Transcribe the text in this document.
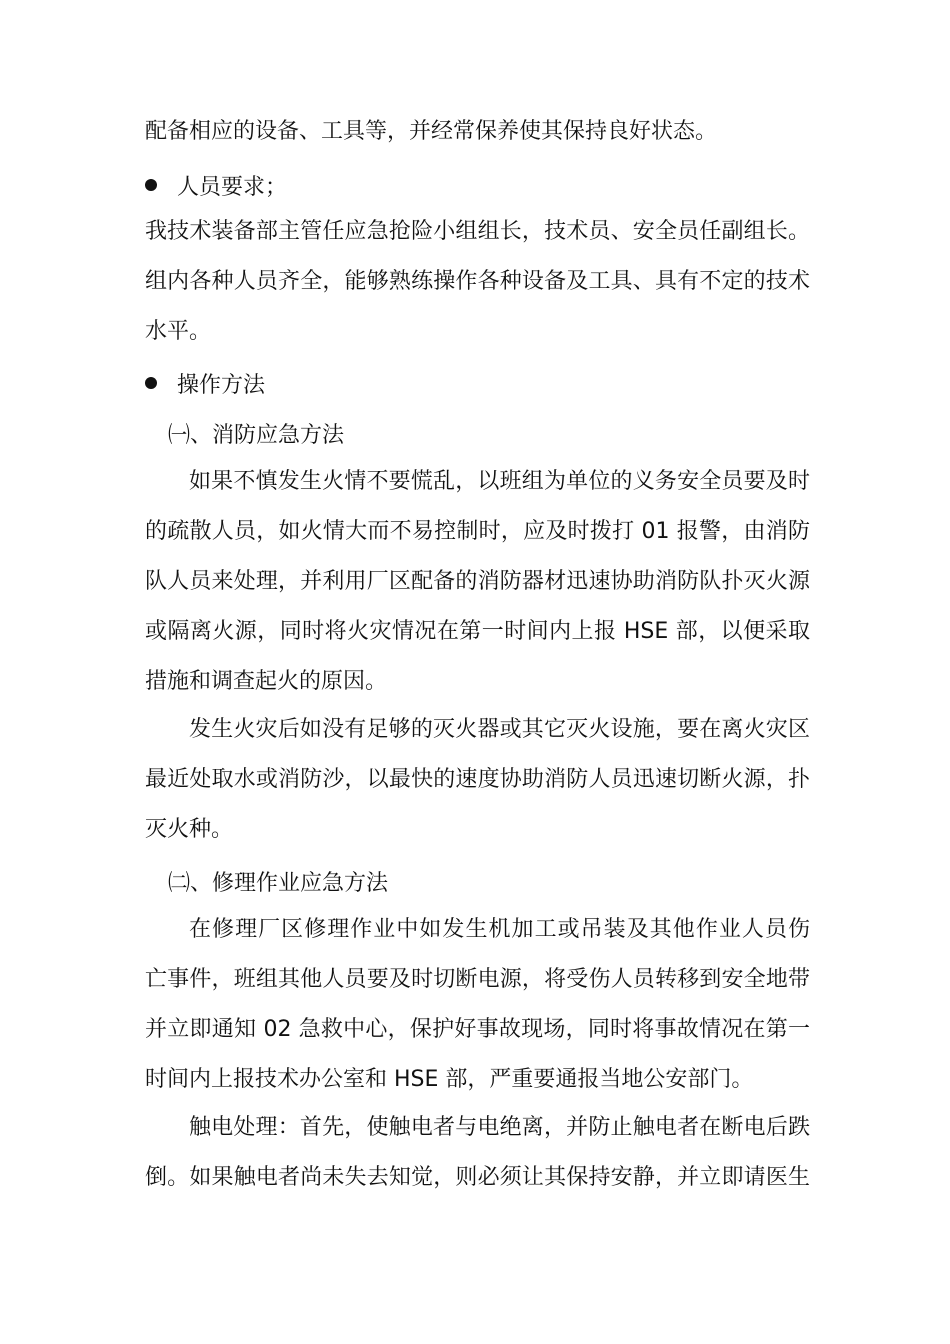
配备相应的设备、工具等，并经常保养使其保持良好状态。
人员要求；
我技术装备部主管任应急抢险小组组长，技术员、安全员任副组长。
组内各种人员齐全，能够熟练操作各种设备及工具、具有不定的技术
水平。
操作方法
㈠、消防应急方法
如果不慎发生火情不要慌乱，以班组为单位的义务安全员要及时
的疏散人员，如火情大而不易控制时，应及时拨打 01 报警，由消防
队人员来处理，并利用厂区配备的消防器材迅速协助消防队扑灭火源
或隔离火源，同时将火灾情况在第一时间内上报 HSE 部，以便采取
措施和调查起火的原因。
发生火灾后如没有足够的灭火器或其它灭火设施，要在离火灾区
最近处取水或消防沙，以最快的速度协助消防人员迅速切断火源，扑
灭火种。
㈡、修理作业应急方法
在修理厂区修理作业中如发生机加工或吊装及其他作业人员伤
亡事件，班组其他人员要及时切断电源，将受伤人员转移到安全地带
并立即通知 02 急救中心，保护好事故现场，同时将事故情况在第一
时间内上报技术办公室和 HSE 部，严重要通报当地公安部门。
触电处理：首先，使触电者与电绝离，并防止触电者在断电后跌
倒。如果触电者尚未失去知觉，则必须让其保持安静，并立即请医生
